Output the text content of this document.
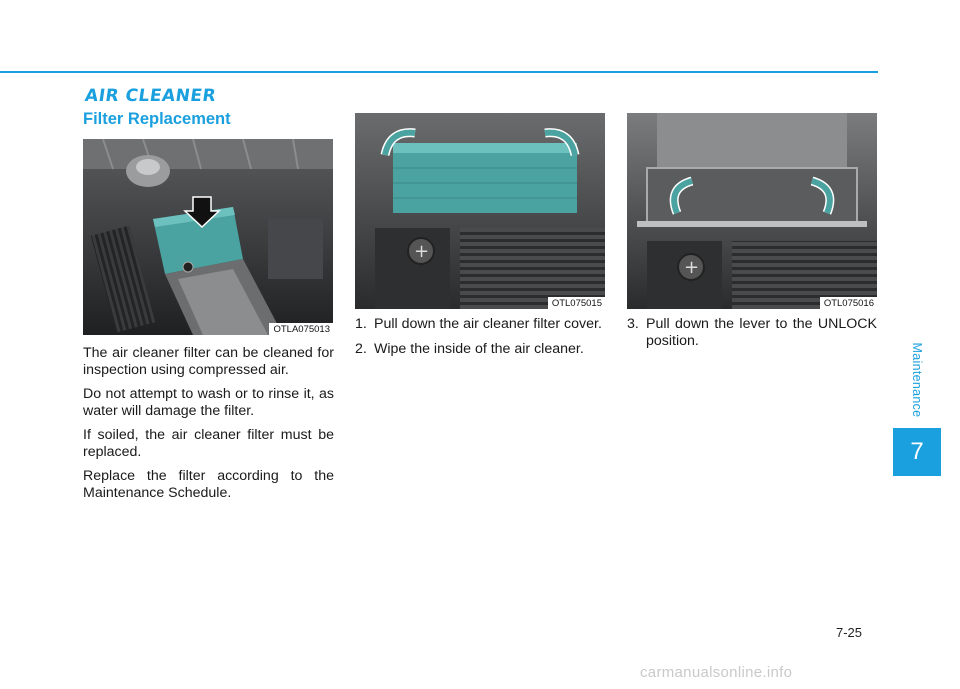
AIR CLEANER
Filter Replacement
OTLA075013
+
OTL075015
+
OTL075016

The air cleaner filter can be cleaned for inspection using compressed air.

Do not attempt to wash or to rinse it, as water will damage the filter.

If soiled, the air cleaner filter must be replaced.

Replace the filter according to the Maintenance Schedule.

1. Pull down the air cleaner filter cover.
2. Wipe the inside of the air cleaner.
3. Pull down the lever to the UNLOCK position.
Maintenance
7
7-25
carmanualsonline.info
